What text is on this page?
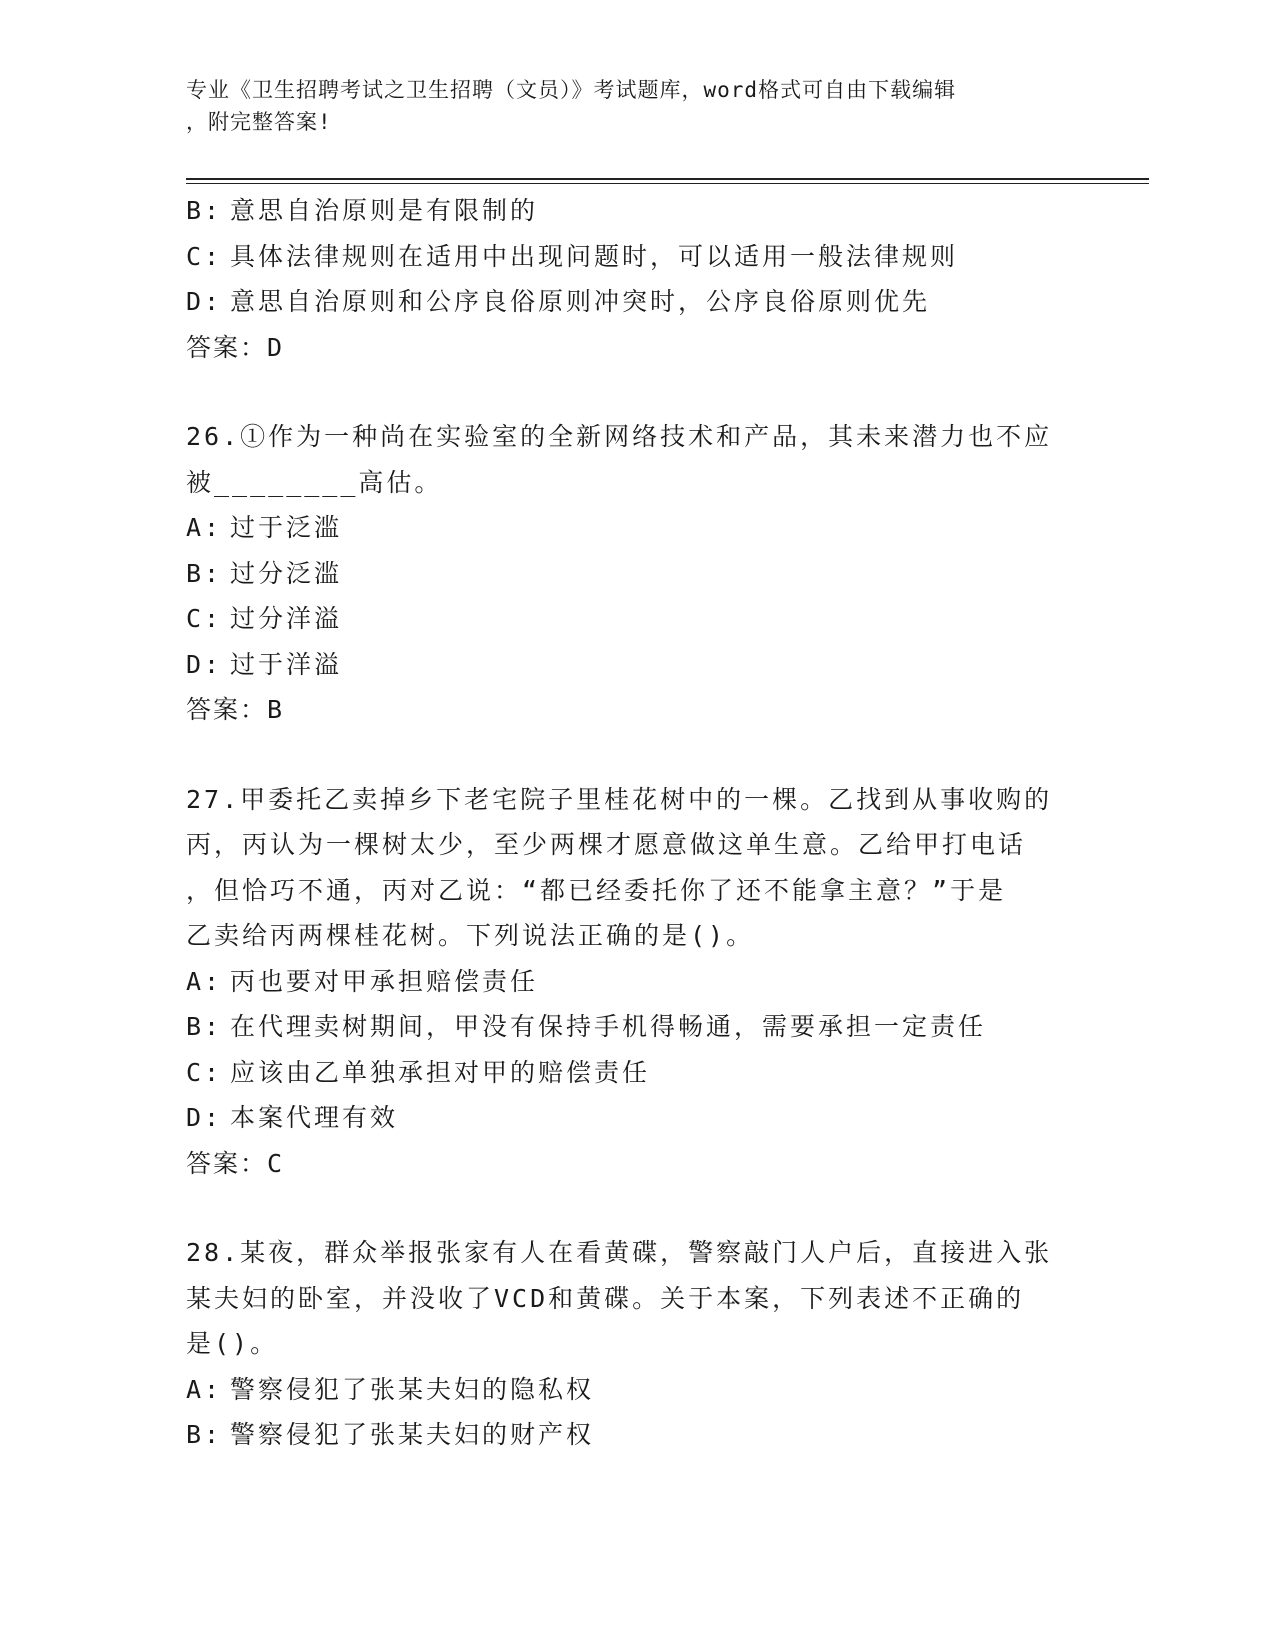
专业《卫生招聘考试之卫生招聘（文员）》考试题库，word格式可自由下载编辑
，附完整答案!
B: 意思自治原则是有限制的
C: 具体法律规则在适用中出现问题时，可以适用一般法律规则
D: 意思自治原则和公序良俗原则冲突时，公序良俗原则优先
答案：D
26.①作为一种尚在实验室的全新网络技术和产品，其未来潜力也不应
被________高估。
A: 过于泛滥
B: 过分泛滥
C: 过分洋溢
D: 过于洋溢
答案：B
27.甲委托乙卖掉乡下老宅院子里桂花树中的一棵。乙找到从事收购的
丙，丙认为一棵树太少，至少两棵才愿意做这单生意。乙给甲打电话
，但恰巧不通，丙对乙说：“都已经委托你了还不能拿主意？”于是
乙卖给丙两棵桂花树。下列说法正确的是()。
A: 丙也要对甲承担赔偿责任
B: 在代理卖树期间，甲没有保持手机得畅通，需要承担一定责任
C: 应该由乙单独承担对甲的赔偿责任
D: 本案代理有效
答案：C
28.某夜，群众举报张家有人在看黄碟，警察敲门人户后，直接进入张
某夫妇的卧室，并没收了VCD和黄碟。关于本案，下列表述不正确的
是()。
A: 警察侵犯了张某夫妇的隐私权
B: 警察侵犯了张某夫妇的财产权
